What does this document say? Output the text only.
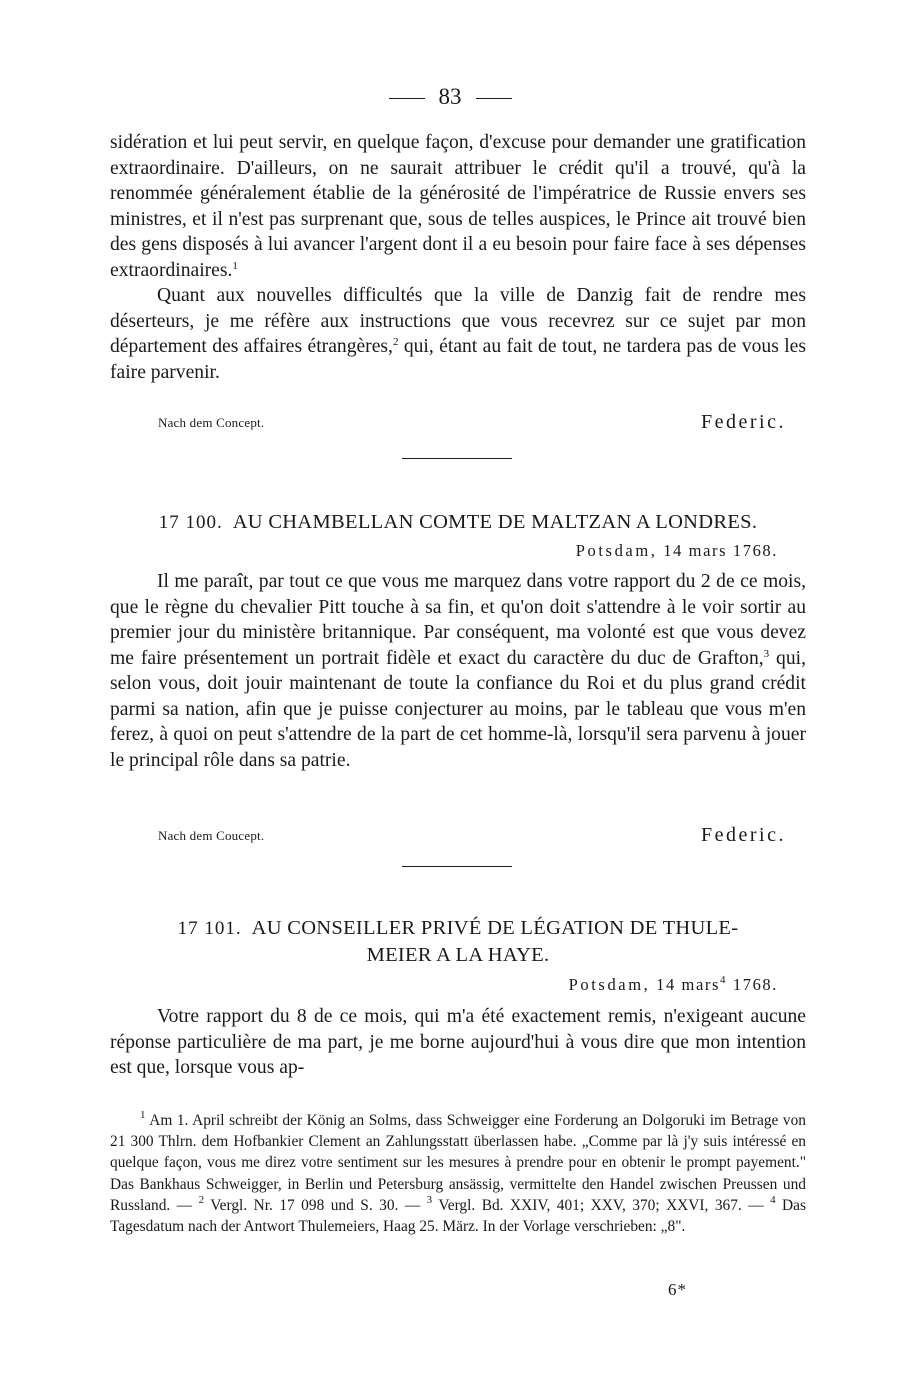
83

sidération et lui peut servir, en quelque façon, d'excuse pour demander une gratification extraordinaire. D'ailleurs, on ne saurait attribuer le crédit qu'il a trouvé, qu'à la renommée généralement établie de la générosité de l'impératrice de Russie envers ses ministres, et il n'est pas surprenant que, sous de telles auspices, le Prince ait trouvé bien des gens disposés à lui avancer l'argent dont il a eu besoin pour faire face à ses dépenses extraordinaires.$^1$

Quant aux nouvelles difficultés que la ville de Danzig fait de rendre mes déserteurs, je me réfère aux instructions que vous recevrez sur ce sujet par mon département des affaires étrangères,$^2$ qui, étant au fait de tout, ne tardera pas de vous les faire parvenir.

Nach dem Concept.	Federic.
17 100. AU CHAMBELLAN COMTE DE MALTZAN A LONDRES.
Potsdam, 14 mars 1768.

Il me paraît, par tout ce que vous me marquez dans votre rapport du 2 de ce mois, que le règne du chevalier Pitt touche à sa fin, et qu'on doit s'attendre à le voir sortir au premier jour du ministère britannique. Par conséquent, ma volonté est que vous devez me faire présentement un portrait fidèle et exact du caractère du duc de Grafton,$^3$ qui, selon vous, doit jouir maintenant de toute la confiance du Roi et du plus grand crédit parmi sa nation, afin que je puisse conjecturer au moins, par le tableau que vous m'en ferez, à quoi on peut s'attendre de la part de cet homme-là, lorsqu'il sera parvenu à jouer le principal rôle dans sa patrie.

Nach dem Coucept.	Federic.
17 101. AU CONSEILLER PRIVÉ DE LÉGATION DE THULE-
MEIER A LA HAYE.
Potsdam, 14 mars$^4$ 1768.

Votre rapport du 8 de ce mois, qui m'a été exactement remis, n'exigeant aucune réponse particulière de ma part, je me borne aujourd'hui à vous dire que mon intention est que, lorsque vous ap-

$^1$ Am 1. April schreibt der König an Solms, dass Schweigger eine Forderung an Dolgoruki im Betrage von 21 300 Thlrn. dem Hofbankier Clement an Zahlungsstatt überlassen habe. „Comme par là j'y suis intéressé en quelque façon, vous me direz votre sentiment sur les mesures à prendre pour en obtenir le prompt payement." Das Bankhaus Schweigger, in Berlin und Petersburg ansässig, vermittelte den Handel zwischen Preussen und Russland. — $^2$ Vergl. Nr. 17 098 und S. 30. — $^3$ Vergl. Bd. XXIV, 401; XXV, 370; XXVI, 367. — $^4$ Das Tagesdatum nach der Antwort Thulemeiers, Haag 25. März. In der Vorlage verschrieben: „8".

6*
